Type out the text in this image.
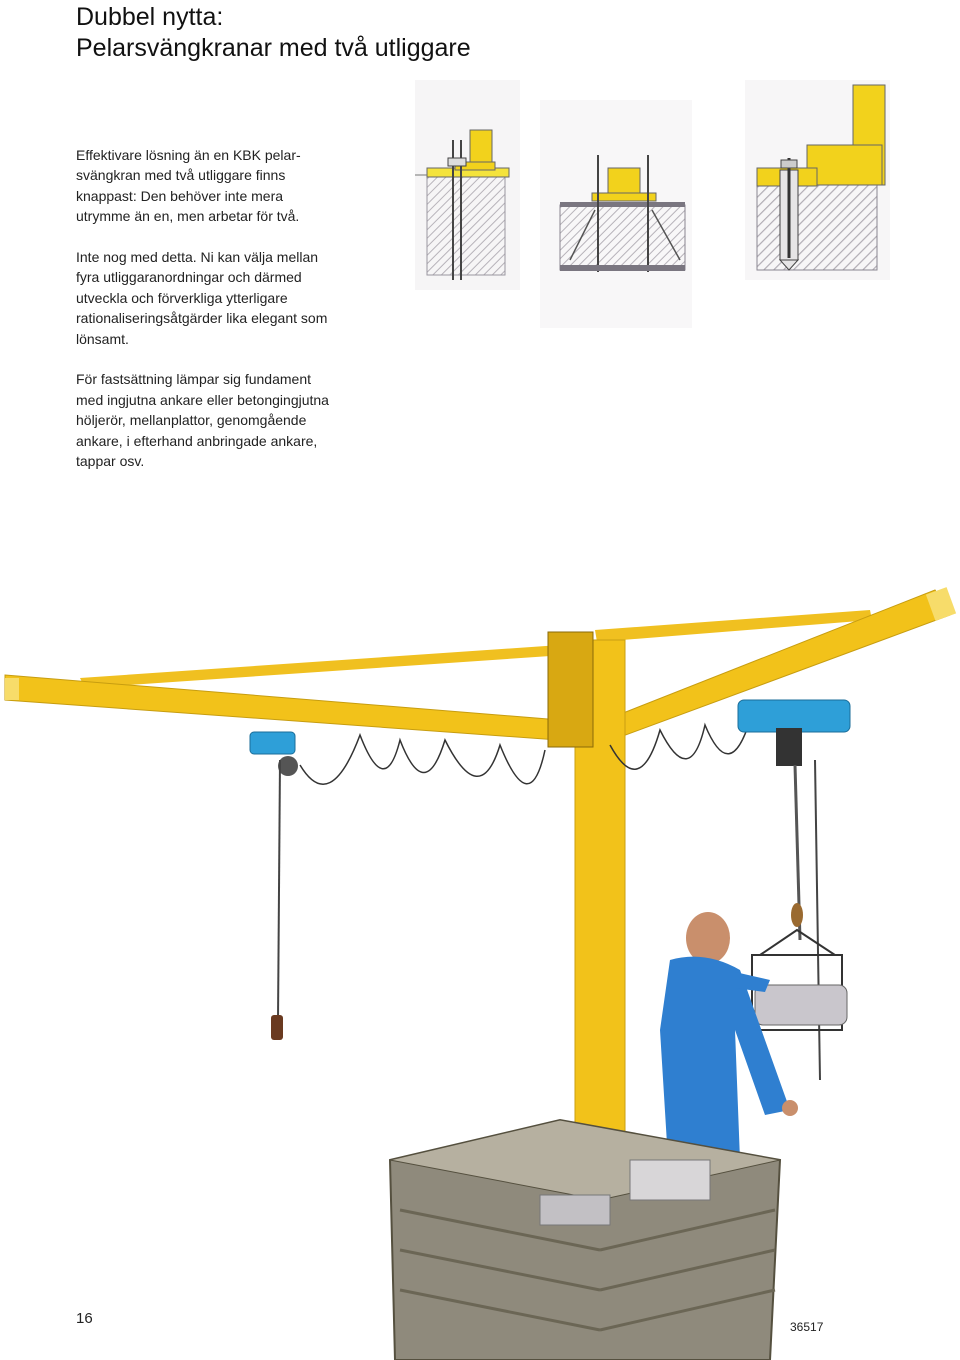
Dubbel nytta:
Pelarsvängkranar med två utliggare

Effektivare lösning än en KBK pelar-
svängkran med två utliggare finns
knappast: Den behöver inte mera
utrymme än en, men arbetar för två.

Inte nog med detta. Ni kan välja mellan
fyra utliggaranordningar och därmed
utveckla och förverkliga ytterligare
rationaliseringsåtgärder lika elegant som
lönsamt.

För fastsättning lämpar sig fundament
med ingjutna ankare eller betongingjutna
höljerör, mellanplattor, genomgående
ankare, i efterhand anbringade ankare,
tappar osv.

16	36517
